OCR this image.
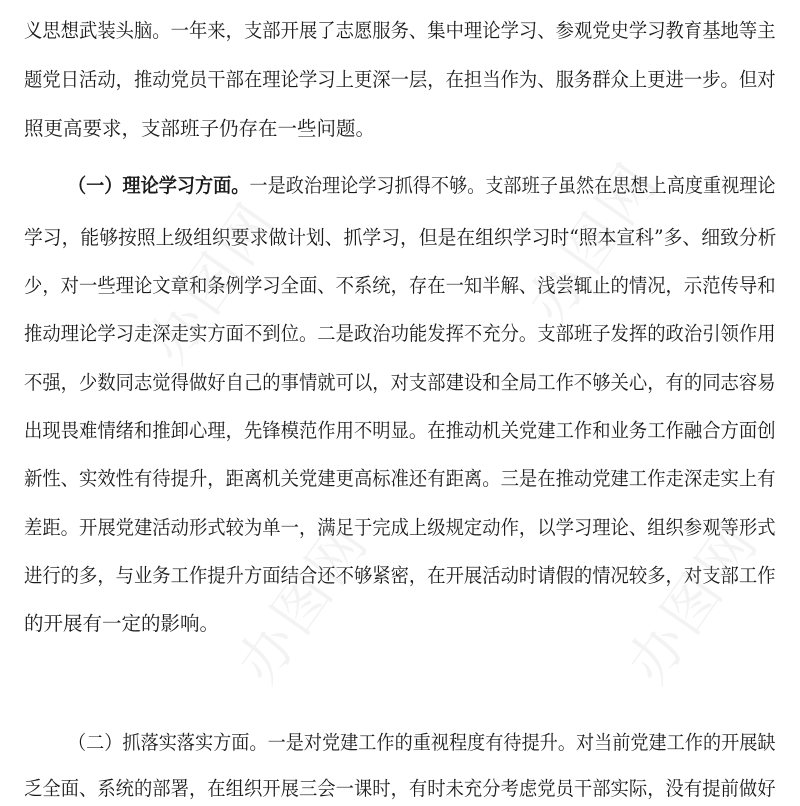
义思想武装头脑。一年来，支部开展了志愿服务、集中理论学习、参观党史学习教育基地等主
题党日活动，推动党员干部在理论学习上更深一层，在担当作为、服务群众上更进一步。但对
照更高要求，支部班子仍存在一些问题。
（一）理论学习方面。一是政治理论学习抓得不够。支部班子虽然在思想上高度重视理论
学习，能够按照上级组织要求做计划、抓学习，但是在组织学习时“照本宣科”多、细致分析
少，对一些理论文章和条例学习全面、不系统，存在一知半解、浅尝辄止的情况，示范传导和
推动理论学习走深走实方面不到位。二是政治功能发挥不充分。支部班子发挥的政治引领作用
不强，少数同志觉得做好自己的事情就可以，对支部建设和全局工作不够关心，有的同志容易
出现畏难情绪和推卸心理，先锋模范作用不明显。在推动机关党建工作和业务工作融合方面创
新性、实效性有待提升，距离机关党建更高标准还有距离。三是在推动党建工作走深走实上有
差距。开展党建活动形式较为单一，满足于完成上级规定动作，以学习理论、组织参观等形式
进行的多，与业务工作提升方面结合还不够紧密，在开展活动时请假的情况较多，对支部工作
的开展有一定的影响。
（二）抓落实落实方面。一是对党建工作的重视程度有待提升。对当前党建工作的开展缺
乏全面、系统的部署，在组织开展三会一课时，有时未充分考虑党员干部实际，没有提前做好
办图网	办图网
办图网	办图网
